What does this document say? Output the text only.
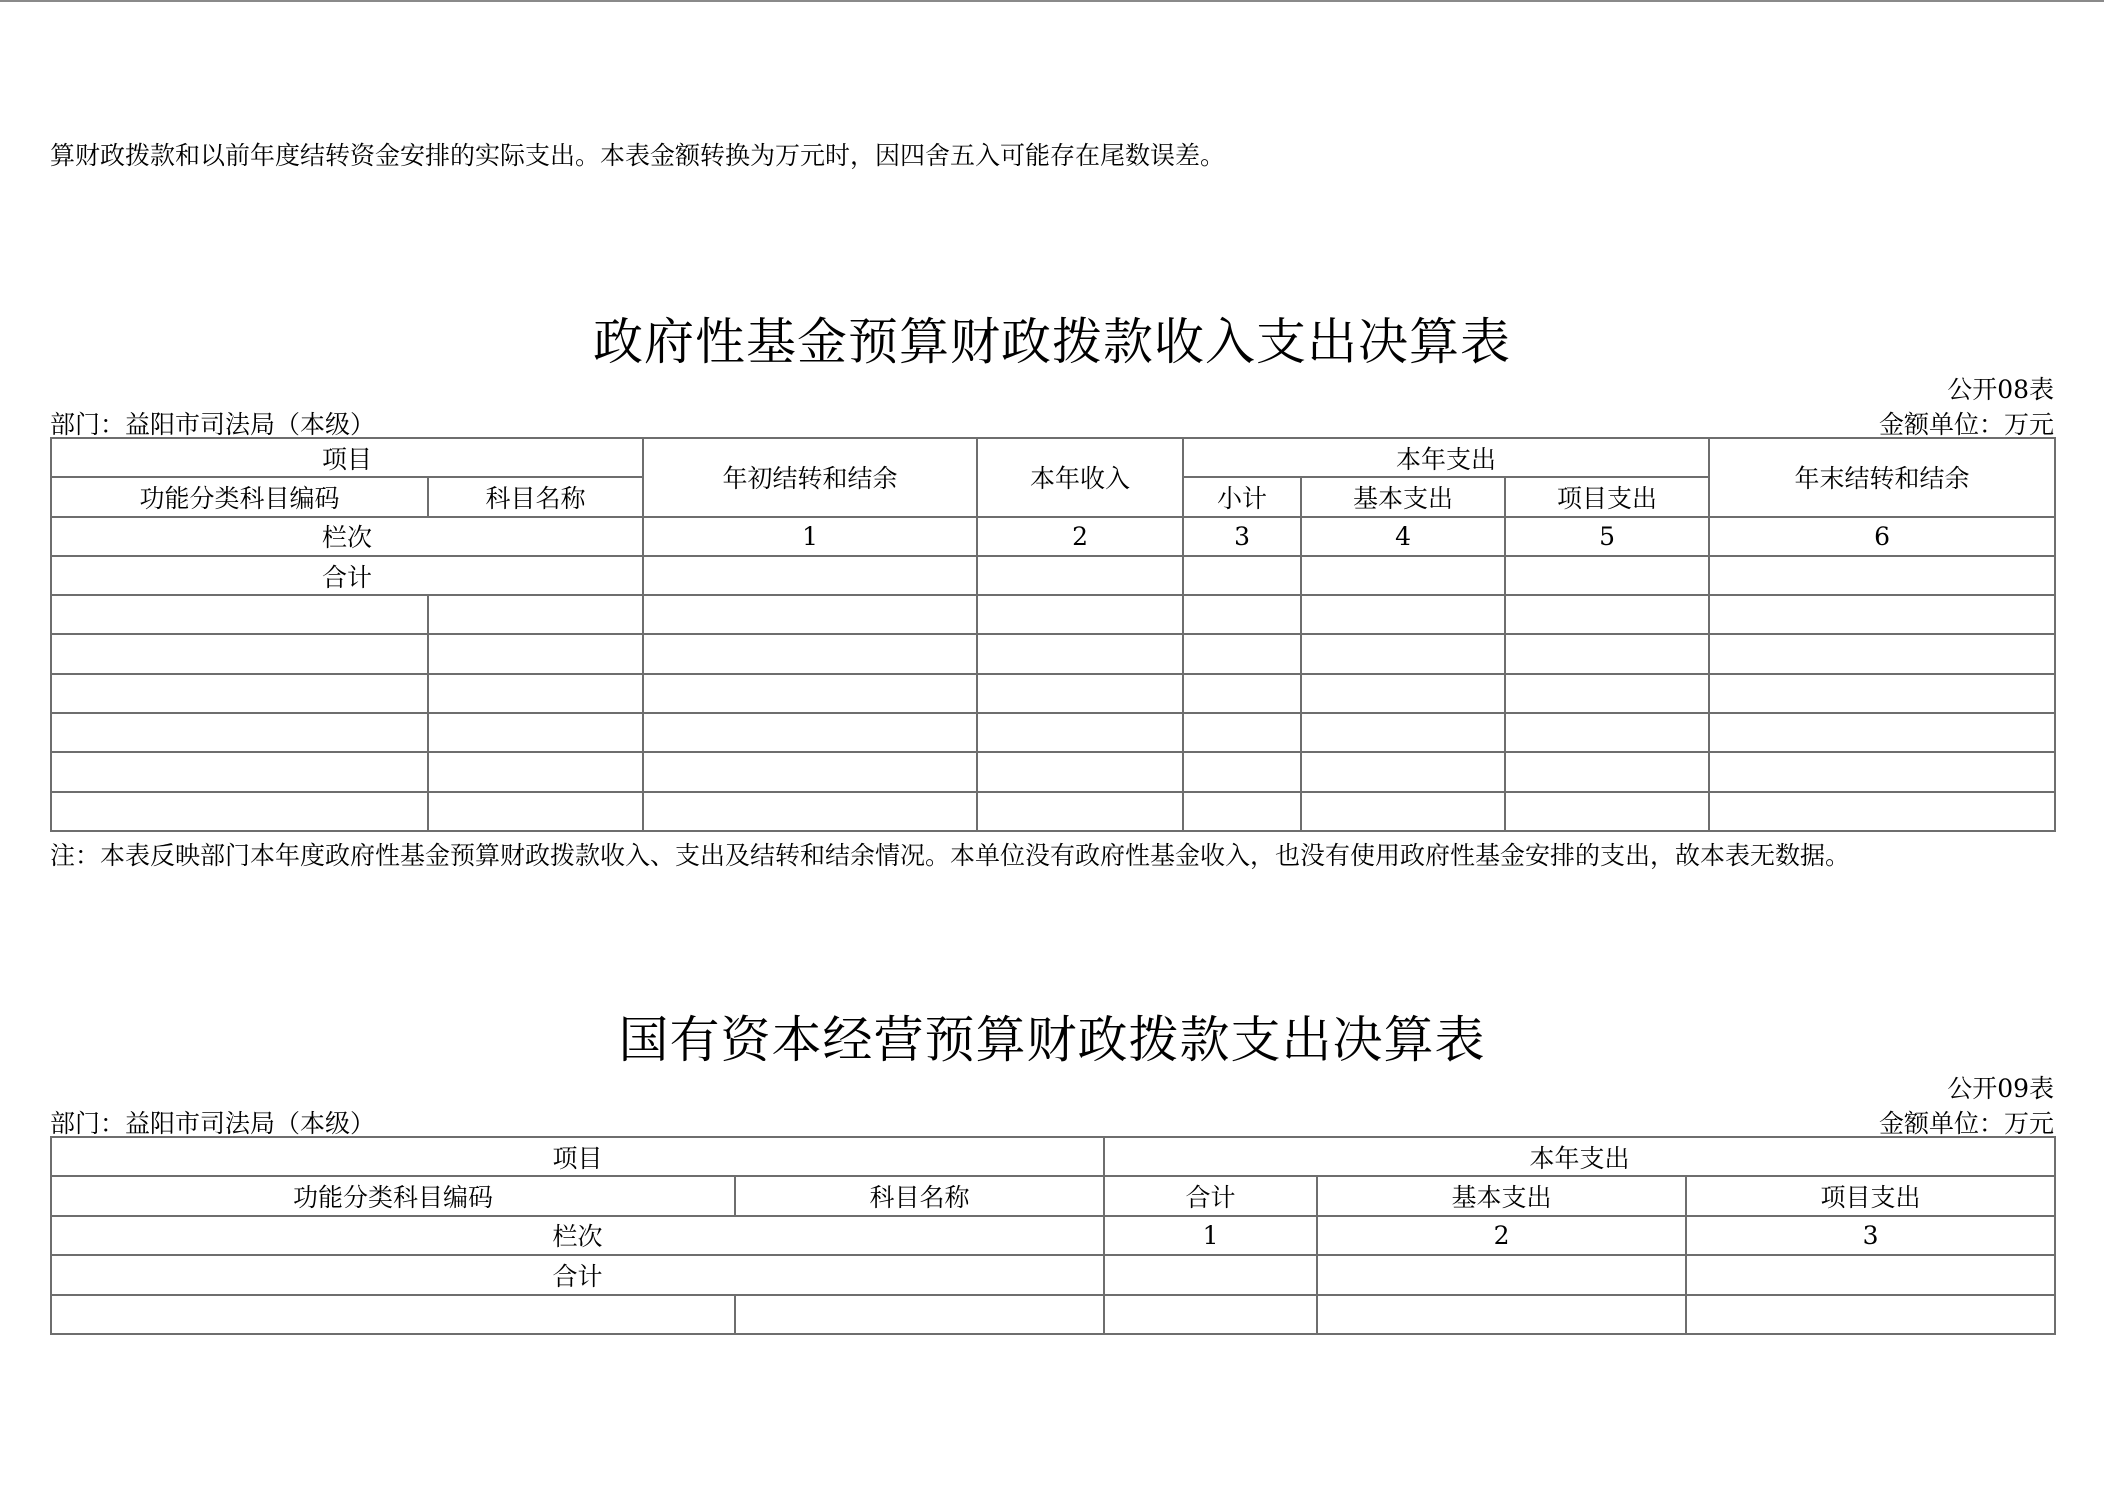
算财政拨款和以前年度结转资金安排的实际支出。本表金额转换为万元时，因四舍五入可能存在尾数误差。
政府性基金预算财政拨款收入支出决算表
公开08表
部门：益阳市司法局（本级）	金额单位：万元
项目		年初结转和结余	本年收入	本年支出			年末结转和结余
功能分类科目编码	科目名称			小计	基本支出	项目支出	
栏次		1	2	3	4	5	6
合计							

注：本表反映部门本年度政府性基金预算财政拨款收入、支出及结转和结余情况。本单位没有政府性基金收入，也没有使用政府性基金安排的支出，故本表无数据。
国有资本经营预算财政拨款支出决算表
公开09表
部门：益阳市司法局（本级）	金额单位：万元
项目		本年支出		
功能分类科目编码	科目名称	合计	基本支出	项目支出
栏次		1	2	3
合计				
